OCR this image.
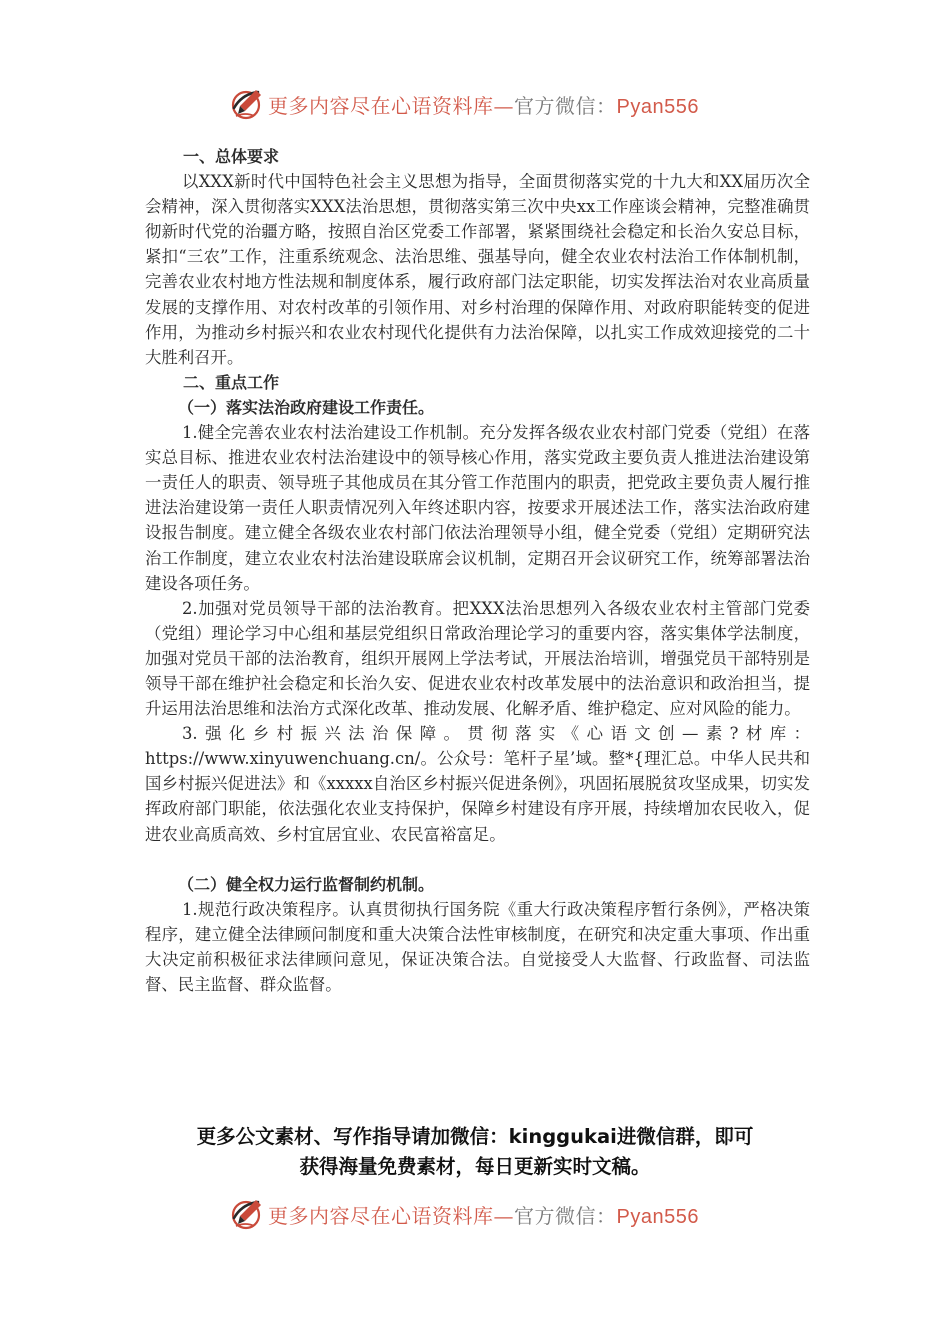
更多内容尽在心语资料库—官方微信：Pyan556

一、总体要求

以XXX新时代中国特色社会主义思想为指导，全面贯彻落实党的十九大和XX届历次全会精神，深入贯彻落实XXX法治思想，贯彻落实第三次中央xx工作座谈会精神，完整准确贯彻新时代党的治疆方略，按照自治区党委工作部署，紧紧围绕社会稳定和长治久安总目标，紧扣“三农”工作，注重系统观念、法治思维、强基导向，健全农业农村法治工作体制机制，完善农业农村地方性法规和制度体系，履行政府部门法定职能，切实发挥法治对农业高质量发展的支撑作用、对农村改革的引领作用、对乡村治理的保障作用、对政府职能转变的促进作用，为推动乡村振兴和农业农村现代化提供有力法治保障，以扎实工作成效迎接党的二十大胜利召开。

二、重点工作

（一）落实法治政府建设工作责任。

1.健全完善农业农村法治建设工作机制。充分发挥各级农业农村部门党委（党组）在落实总目标、推进农业农村法治建设中的领导核心作用，落实党政主要负责人推进法治建设第一责任人的职责、领导班子其他成员在其分管工作范围内的职责，把党政主要负责人履行推进法治建设第一责任人职责情况列入年终述职内容，按要求开展述法工作，落实法治政府建设报告制度。建立健全各级农业农村部门依法治理领导小组，健全党委（党组）定期研究法治工作制度，建立农业农村法治建设联席会议机制，定期召开会议研究工作，统筹部署法治建设各项任务。

2.加强对党员领导干部的法治教育。把XXX法治思想列入各级农业农村主管部门党委（党组）理论学习中心组和基层党组织日常政治理论学习的重要内容，落实集体学法制度，加强对党员干部的法治教育，组织开展网上学法考试，开展法治培训，增强党员干部特别是领导干部在维护社会稳定和长治久安、促进农业农村改革发展中的法治意识和政治担当，提升运用法治思维和法治方式深化改革、推动发展、化解矛盾、维护稳定、应对风险的能力。

3.强化乡村振兴法治保障。贯彻落实《心语文创—素?材库：https://www.xinyuwenchuang.cn/。公众号：笔杆子星’域。整*{理汇总。中华人民共和国乡村振兴促进法》和《xxxxx自治区乡村振兴促进条例》，巩固拓展脱贫攻坚成果，切实发挥政府部门职能，依法强化农业支持保护，保障乡村建设有序开展，持续增加农民收入，促进农业高质高效、乡村宜居宜业、农民富裕富足。

（二）健全权力运行监督制约机制。

1.规范行政决策程序。认真贯彻执行国务院《重大行政决策程序暂行条例》，严格决策程序，建立健全法律顾问制度和重大决策合法性审核制度，在研究和决定重大事项、作出重大决定前积极征求法律顾问意见，保证决策合法。自觉接受人大监督、行政监督、司法监督、民主监督、群众监督。

更多公文素材、写作指导请加微信：kinggukai进微信群，即可
获得海量免费素材，每日更新实时文稿。
更多内容尽在心语资料库—官方微信：Pyan556
